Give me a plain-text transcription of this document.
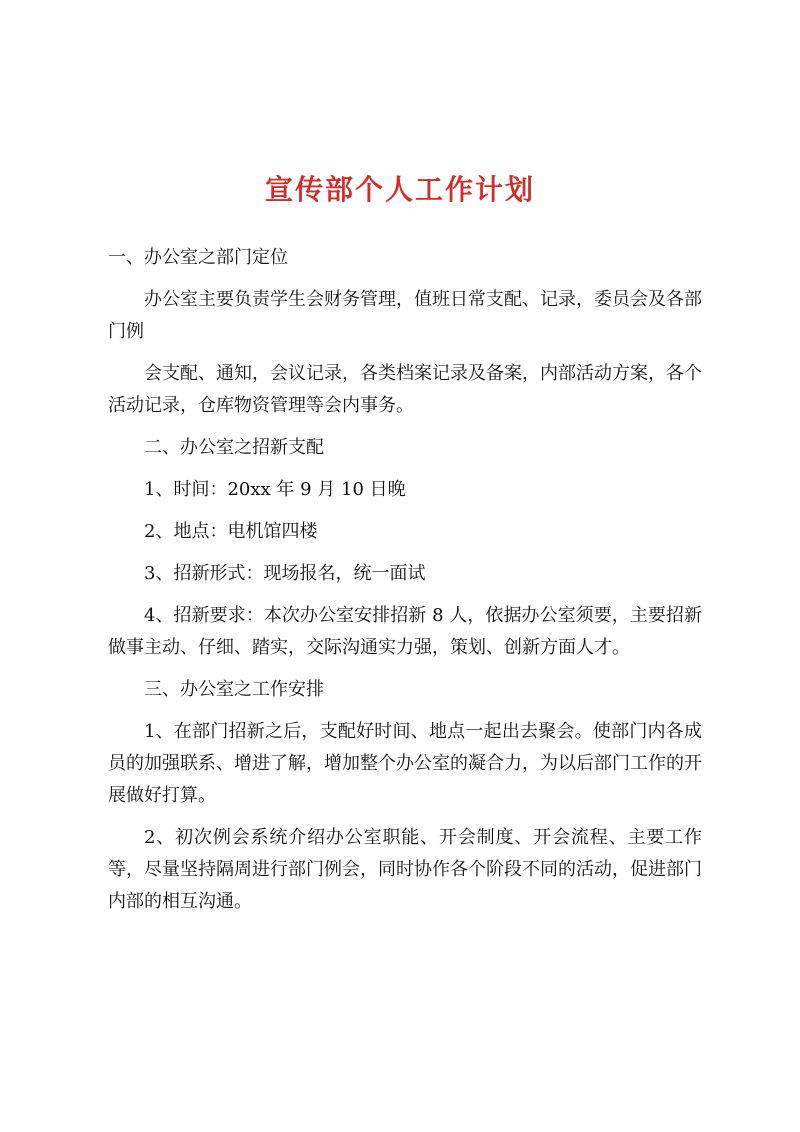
宣传部个人工作计划

一、办公室之部门定位

办公室主要负责学生会财务管理，值班日常支配、记录，委员会及各部门例

会支配、通知，会议记录，各类档案记录及备案，内部活动方案，各个活动记录，仓库物资管理等会内事务。

二、办公室之招新支配

1、时间：20xx 年 9 月 10 日晚

2、地点：电机馆四楼

3、招新形式：现场报名，统一面试

4、招新要求：本次办公室安排招新 8 人，依据办公室须要，主要招新做事主动、仔细、踏实，交际沟通实力强，策划、创新方面人才。

三、办公室之工作安排

1、在部门招新之后，支配好时间、地点一起出去聚会。使部门内各成员的加强联系、增进了解，增加整个办公室的凝合力，为以后部门工作的开展做好打算。

2、初次例会系统介绍办公室职能、开会制度、开会流程、主要工作等，尽量坚持隔周进行部门例会，同时协作各个阶段不同的活动，促进部门内部的相互沟通。
